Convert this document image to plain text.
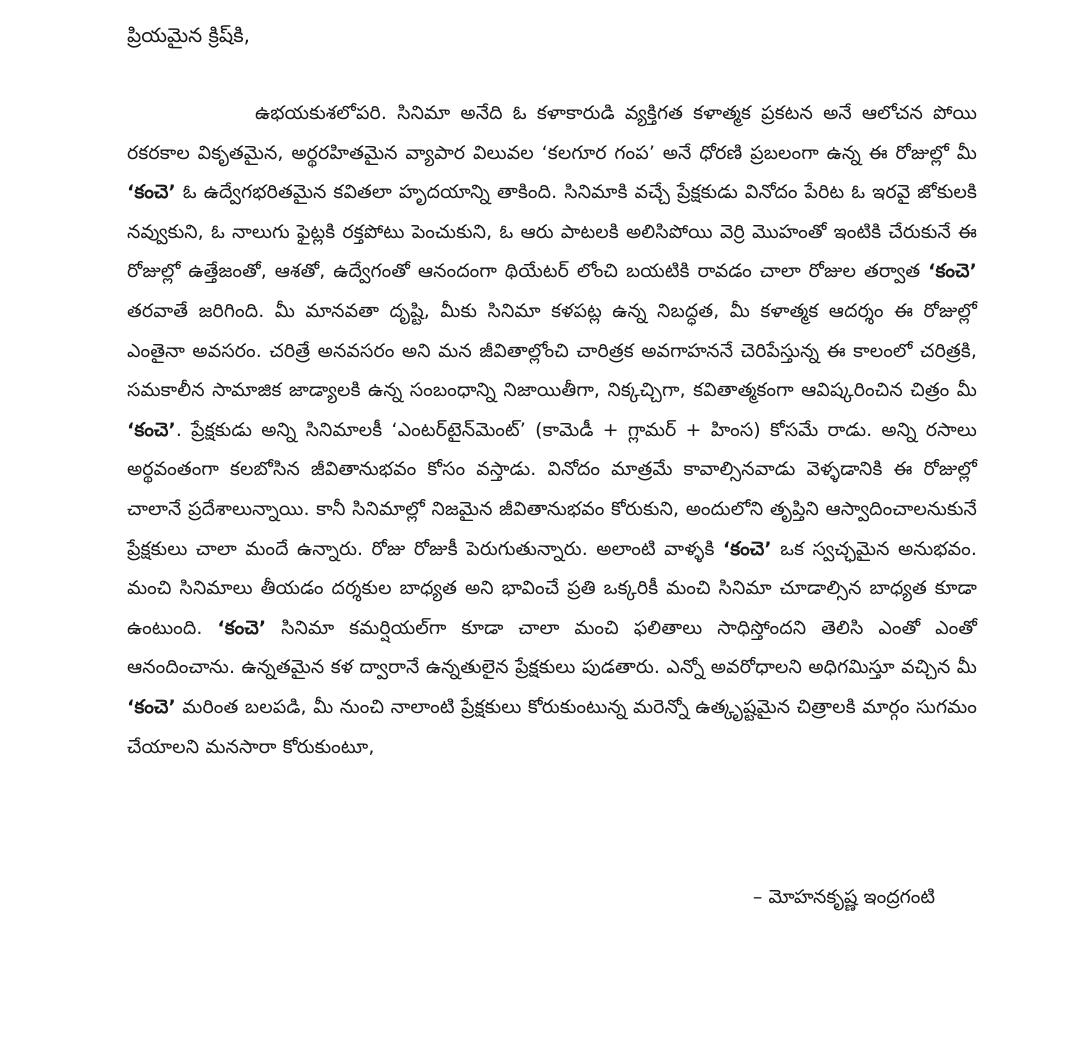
ప్రియమైన క్రిష్‌కి,

ఉభయకుశలోపరి. సినిమా అనేది ఓ కళాకారుడి వ్యక్తిగత కళాత్మక ప్రకటన అనే ఆలోచన పోయి రకరకాల వికృతమైన, అర్థరహితమైన వ్యాపార విలువల ‘కలగూర గంప’ అనే ధోరణి ప్రబలంగా ఉన్న ఈ రోజుల్లో మీ ‘కంచె’ ఓ ఉద్వేగభరితమైన కవితలా హృదయాన్ని తాకింది. సినిమాకి వచ్చే ప్రేక్షకుడు వినోదం పేరిట ఓ ఇరవై జోకులకి నవ్వుకుని, ఓ నాలుగు ఫైట్లకి రక్తపోటు పెంచుకుని, ఓ ఆరు పాటలకి అలిసిపోయి వెర్రి మొహంతో ఇంటికి చేరుకునే ఈ రోజుల్లో ఉత్తేజంతో, ఆశతో, ఉద్వేగంతో ఆనందంగా థియేటర్ లోంచి బయటికి రావడం చాలా రోజుల తర్వాత ‘కంచె’ తరవాతే జరిగింది. మీ మానవతా దృష్టి, మీకు సినిమా కళపట్ల ఉన్న నిబద్ధత, మీ కళాత్మక ఆదర్శం ఈ రోజుల్లో ఎంతైనా అవసరం. చరిత్రే అనవసరం అని మన జీవితాల్లోంచి చారిత్రక అవగాహననే చెరిపేస్తున్న ఈ కాలంలో చరిత్రకి, సమకాలీన సామాజిక జాడ్యాలకి ఉన్న సంబంధాన్ని నిజాయితీగా, నిక్కచ్చిగా, కవితాత్మకంగా ఆవిష్కరించిన చిత్రం మీ ‘కంచె’. ప్రేక్షకుడు అన్ని సినిమాలకీ ‘ఎంటర్‌టైన్‌మెంట్’ (కామెడీ + గ్లామర్ + హింస) కోసమే రాడు. అన్ని రసాలు అర్థవంతంగా కలబోసిన జీవితానుభవం కోసం వస్తాడు. వినోదం మాత్రమే కావాల్సినవాడు వెళ్ళడానికి ఈ రోజుల్లో చాలానే ప్రదేశాలున్నాయి. కానీ సినిమాల్లో నిజమైన జీవితానుభవం కోరుకుని, అందులోని తృప్తిని ఆస్వాదించాలనుకునే ప్రేక్షకులు చాలా మందే ఉన్నారు. రోజు రోజుకీ పెరుగుతున్నారు. అలాంటి వాళ్ళకి ‘కంచె’ ఒక స్వచ్ఛమైన అనుభవం. మంచి సినిమాలు తీయడం దర్శకుల బాధ్యత అని భావించే ప్రతి ఒక్కరికీ మంచి సినిమా చూడాల్సిన బాధ్యత కూడా ఉంటుంది. ‘కంచె’ సినిమా కమర్షియల్‌గా కూడా చాలా మంచి ఫలితాలు సాధిస్తోందని తెలిసి ఎంతో ఎంతో ఆనందించాను. ఉన్నతమైన కళ ద్వారానే ఉన్నతులైన ప్రేక్షకులు పుడతారు. ఎన్నో అవరోధాలని అధిగమిస్తూ వచ్చిన మీ ‘కంచె’ మరింత బలపడి, మీ నుంచి నాలాంటి ప్రేక్షకులు కోరుకుంటున్న మరెన్నో ఉత్కృష్టమైన చిత్రాలకి మార్గం సుగమం చేయాలని మనసారా కోరుకుంటూ,

– మోహనకృష్ణ ఇంద్రగంటి
